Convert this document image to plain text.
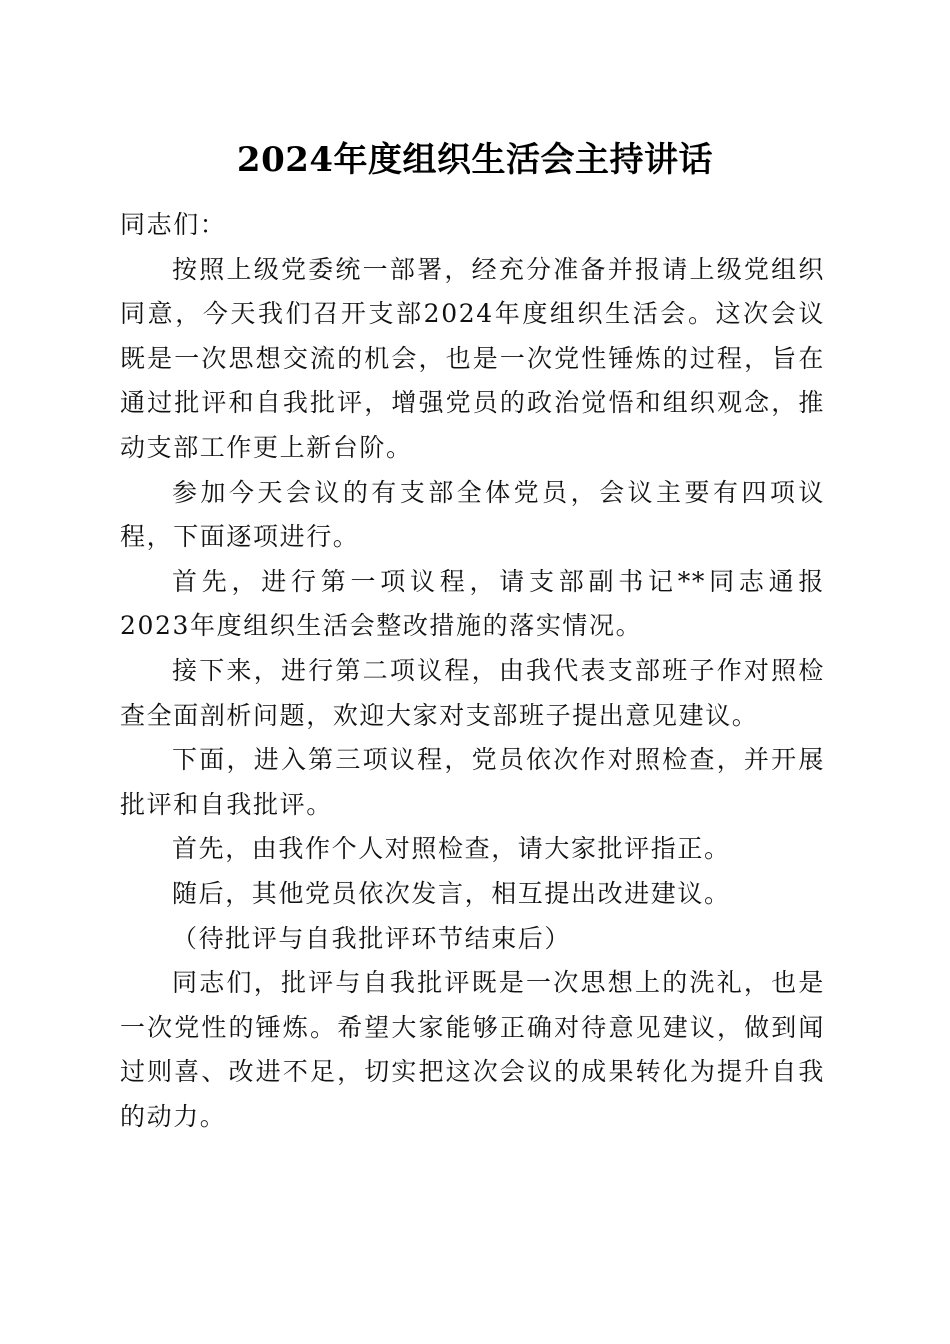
2024年度组织生活会主持讲话

同志们：

按照上级党委统一部署，经充分准备并报请上级党组织同意，今天我们召开支部2024年度组织生活会。这次会议既是一次思想交流的机会，也是一次党性锤炼的过程，旨在通过批评和自我批评，增强党员的政治觉悟和组织观念，推动支部工作更上新台阶。

参加今天会议的有支部全体党员，会议主要有四项议程，下面逐项进行。

首先，进行第一项议程，请支部副书记**同志通报2023年度组织生活会整改措施的落实情况。

接下来，进行第二项议程，由我代表支部班子作对照检查全面剖析问题，欢迎大家对支部班子提出意见建议。

下面，进入第三项议程，党员依次作对照检查，并开展批评和自我批评。

首先，由我作个人对照检查，请大家批评指正。

随后，其他党员依次发言，相互提出改进建议。

（待批评与自我批评环节结束后）

同志们，批评与自我批评既是一次思想上的洗礼，也是一次党性的锤炼。希望大家能够正确对待意见建议，做到闻过则喜、改进不足，切实把这次会议的成果转化为提升自我的动力。
